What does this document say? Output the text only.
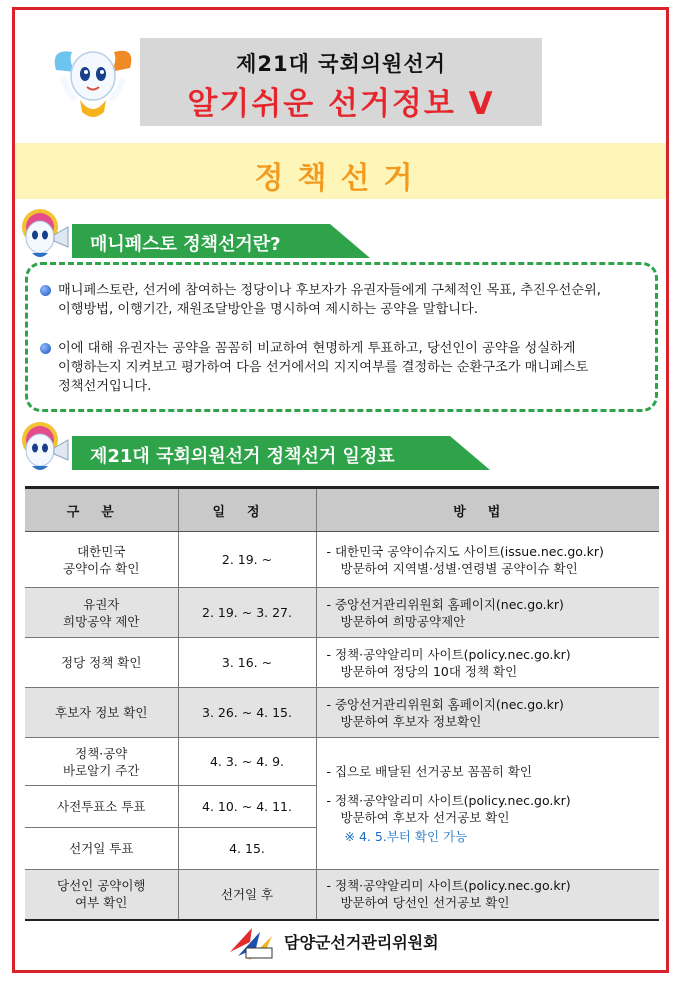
제21대 국회의원선거
알기쉬운 선거정보 Ⅴ
정책선거
매니페스토 정책선거란?
매니페스토란, 선거에 참여하는 정당이나 후보자가 유권자들에게 구체적인 목표, 추진우선순위,
이행방법, 이행기간, 재원조달방안을 명시하여 제시하는 공약을 말합니다.
이에 대해 유권자는 공약을 꼼꼼히 비교하여 현명하게 투표하고, 당선인이 공약을 성실하게
이행하는지 지켜보고 평가하여 다음 선거에서의 지지여부를 결정하는 순환구조가 매니페스토
정책선거입니다.
제21대 국회의원선거 정책선거 일정표
구분	일정	방법

대한민국
공약이슈 확인	2. 19. ~	- 대한민국 공약이슈지도 사이트(issue.nec.go.kr)
방문하여 지역별·성별·연령별 공약이슈 확인

유권자
희망공약 제안	2. 19. ~ 3. 27.	- 중앙선거관리위원회 홈페이지(nec.go.kr)
방문하여 희망공약제안

정당 정책 확인	3. 16. ~	- 정책·공약알리미 사이트(policy.nec.go.kr)
방문하여 정당의 10대 정책 확인

후보자 정보 확인	3. 26. ~ 4. 15.	- 중앙선거관리위원회 홈페이지(nec.go.kr)
방문하여 후보자 정보확인

정책·공약
바로알기 주간	4. 3. ~ 4. 9.	- 집으로 배달된 선거공보 꼼꼼히 확인
- 정책·공약알리미 사이트(policy.nec.go.kr)
방문하여 후보자 선거공보 확인
※ 4. 5.부터 확인 가능

사전투표소 투표	4. 10. ~ 4. 11.	

선거일 투표	4. 15.	

당선인 공약이행
여부 확인	선거일 후	- 정책·공약알리미 사이트(policy.nec.go.kr)
방문하여 당선인 선거공보 확인
담양군선거관리위원회
